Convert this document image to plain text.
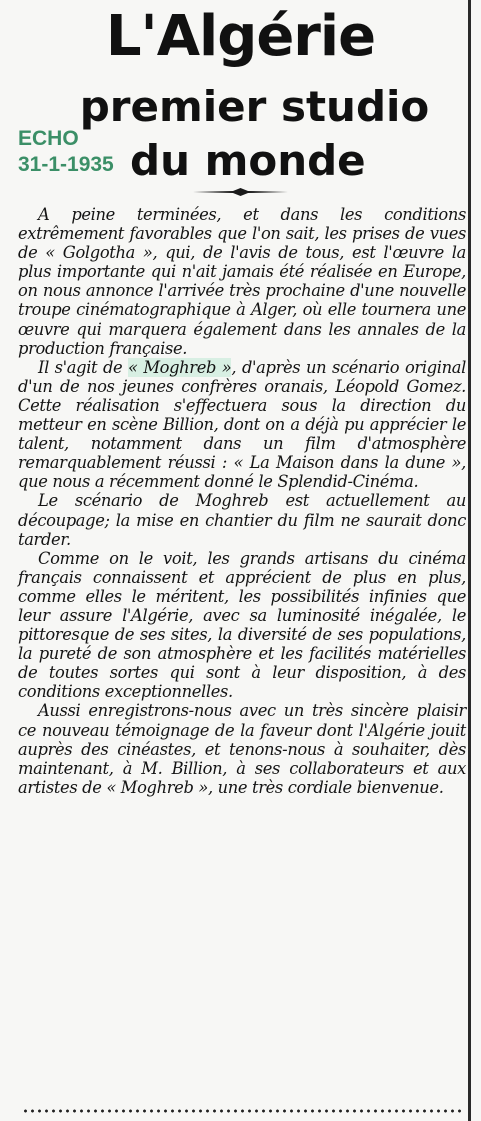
L'Algérie
premier studio
du monde
ECHO
31-1-1935

A peine terminées, et dans les conditions extrêmement favorables que l'on sait, les prises de vues de « Golgotha », qui, de l'avis de tous, est l'œuvre la plus importante qui n'ait jamais été réalisée en Europe, on nous annonce l'arrivée très prochaine d'une nouvelle troupe cinématographique à Alger, où elle tournera une œuvre qui marquera également dans les annales de la production française.

Il s'agit de « Moghreb », d'après un scénario original d'un de nos jeunes confrères oranais, Léopold Gomez. Cette réalisation s'effectuera sous la direction du metteur en scène Billion, dont on a déjà pu apprécier le talent, notamment dans un film d'atmosphère remarquablement réussi : « La Maison dans la dune », que nous a récemment donné le Splendid-Cinéma.

Le scénario de Moghreb est actuellement au découpage; la mise en chantier du film ne saurait donc tarder.

Comme on le voit, les grands artisans du cinéma français connaissent et apprécient de plus en plus, comme elles le méritent, les possibilités infinies que leur assure l'Algérie, avec sa luminosité inégalée, le pittoresque de ses sites, la diversité de ses populations, la pureté de son atmosphère et les facilités matérielles de toutes sortes qui sont à leur disposition, à des conditions exceptionnelles.

Aussi enregistrons-nous avec un très sincère plaisir ce nouveau témoignage de la faveur dont l'Algérie jouit auprès des cinéastes, et tenons-nous à souhaiter, dès maintenant, à M. Billion, à ses collaborateurs et aux artistes de « Moghreb », une très cordiale bienvenue.
